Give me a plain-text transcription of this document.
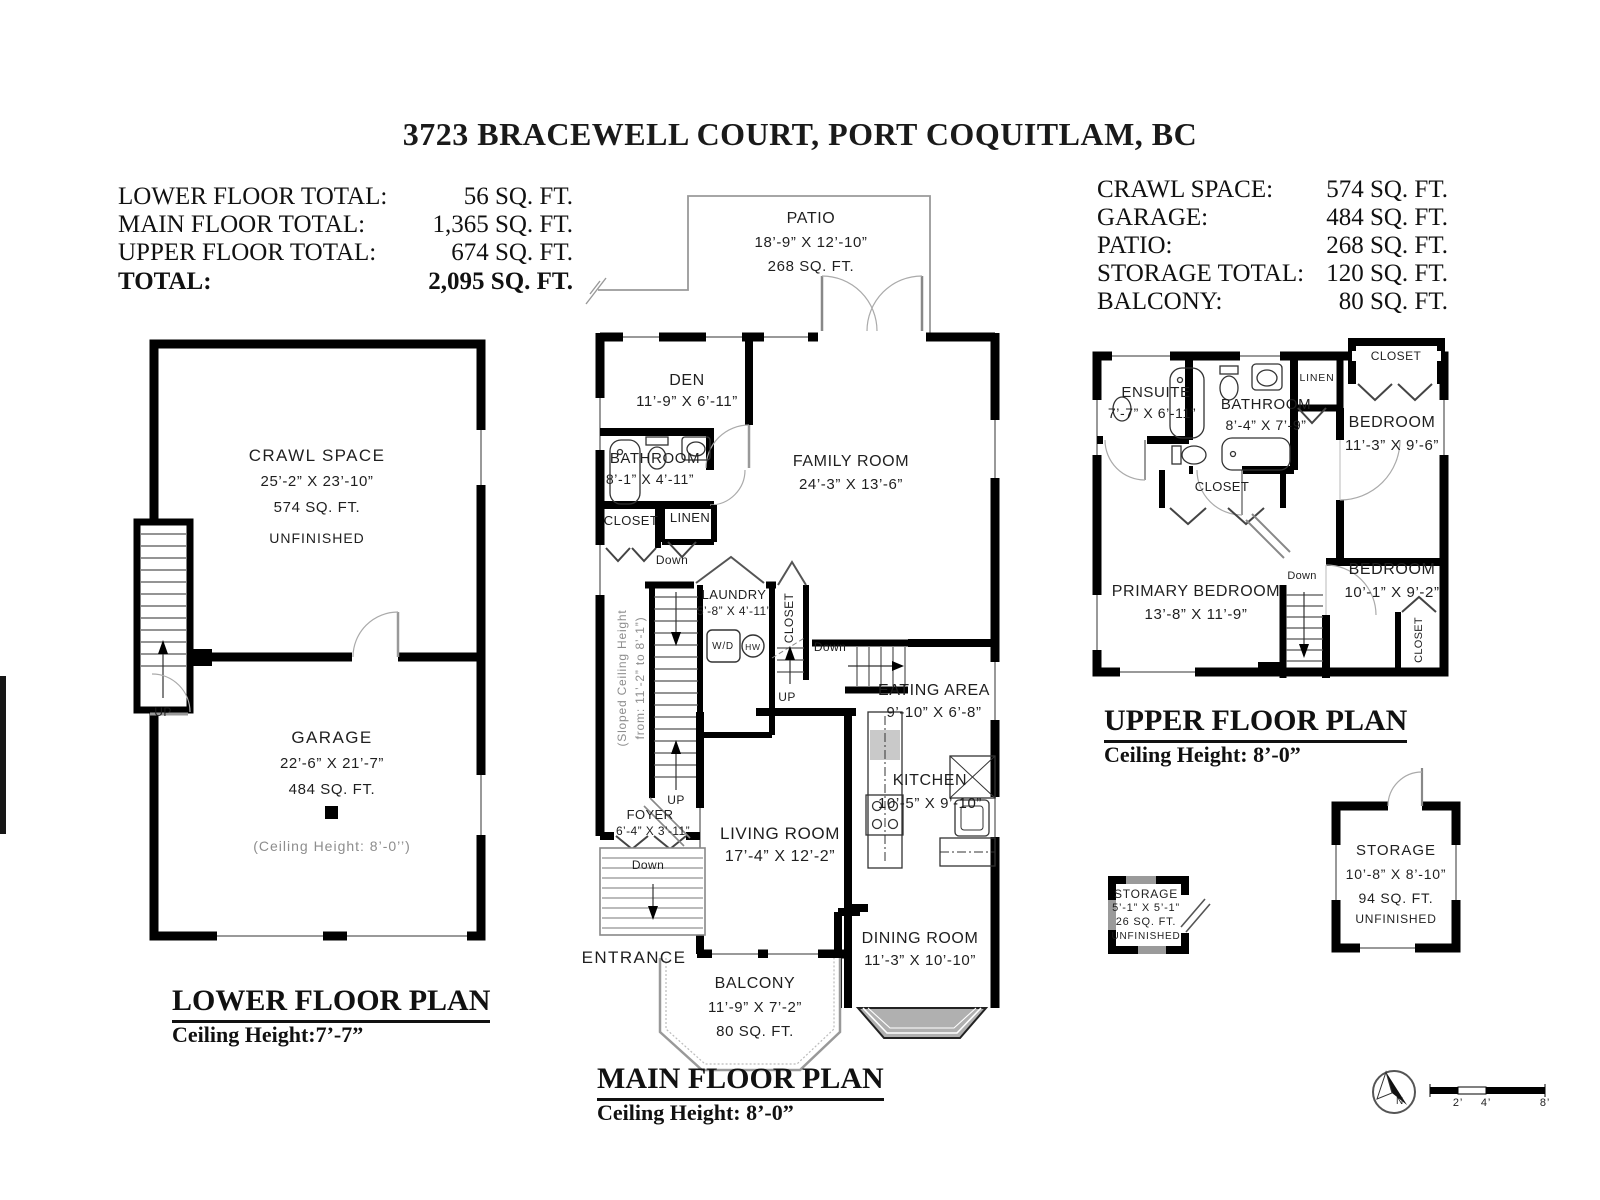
3723 BRACEWELL COURT, PORT COQUITLAM, BC
LOWER FLOOR TOTAL:	56 SQ. FT.
MAIN FLOOR TOTAL:	1,365 SQ. FT.
UPPER FLOOR TOTAL:	674 SQ. FT.
TOTAL:	2,095 SQ. FT.
CRAWL SPACE: 574 SQ. FT.
GARAGE:	484 SQ. FT.
PATIO:	268 SQ. FT.
STORAGE TOTAL: 120 SQ. FT.
BALCONY:	80 SQ. FT.
CRAWL SPACE
25’-2” X 23’-10”
574 SQ. FT.
UNFINISHED
UP
GARAGE
22’-6” X 21’-7”
484 SQ. FT.
(Ceiling Height: 8’-0’’)
LOWER FLOOR PLAN
Ceiling Height:7’-7”
PATIO
18’-9” X 12’-10”
268 SQ. FT.
DEN
11’-9” X 6’-11”
FAMILY ROOM
24’-3” X 13’-6”
BATHROOM
8’-1” X 4’-11”
CLOSET LINEN
Down
LAUNDRY
5’-8” X 4’-11”
W/D HW
CLOSET
UP
Down
EATING AREA
9’-10” X 6’-8”
KITCHEN
10’-5” X 9’-10”
(Sloped Ceiling Height from: 11’-2” to 8’-1”)
UP
FOYER
6’-4” X 3’-11” LIVING ROOM
17’-4” X 12’-2”
Down
ENTRANCE
BALCONY
11’-9” X 7’-2”
80 SQ. FT.
DINING ROOM
11’-3” X 10’-10”
MAIN FLOOR PLAN
Ceiling Height: 8’-0”
ENSUITE
7’-7” X 6’-11” BATHROOM
8’-4” X 7’-9”
LINEN
CLOSET
BEDROOM
11’-3” X 9’-6”
CLOSET
PRIMARY BEDROOM
13’-8” X 11’-9”
BEDROOM
10’-1” X 9’-2”
Down
CLOSET
UPPER FLOOR PLAN
Ceiling Height: 8’-0”
STORAGE
5’-1” X 5’-1”
26 SQ. FT.
UNFINISHED
STORAGE
10’-8” X 8’-10”
94 SQ. FT.
UNFINISHED
N	2’ 4’	8’
